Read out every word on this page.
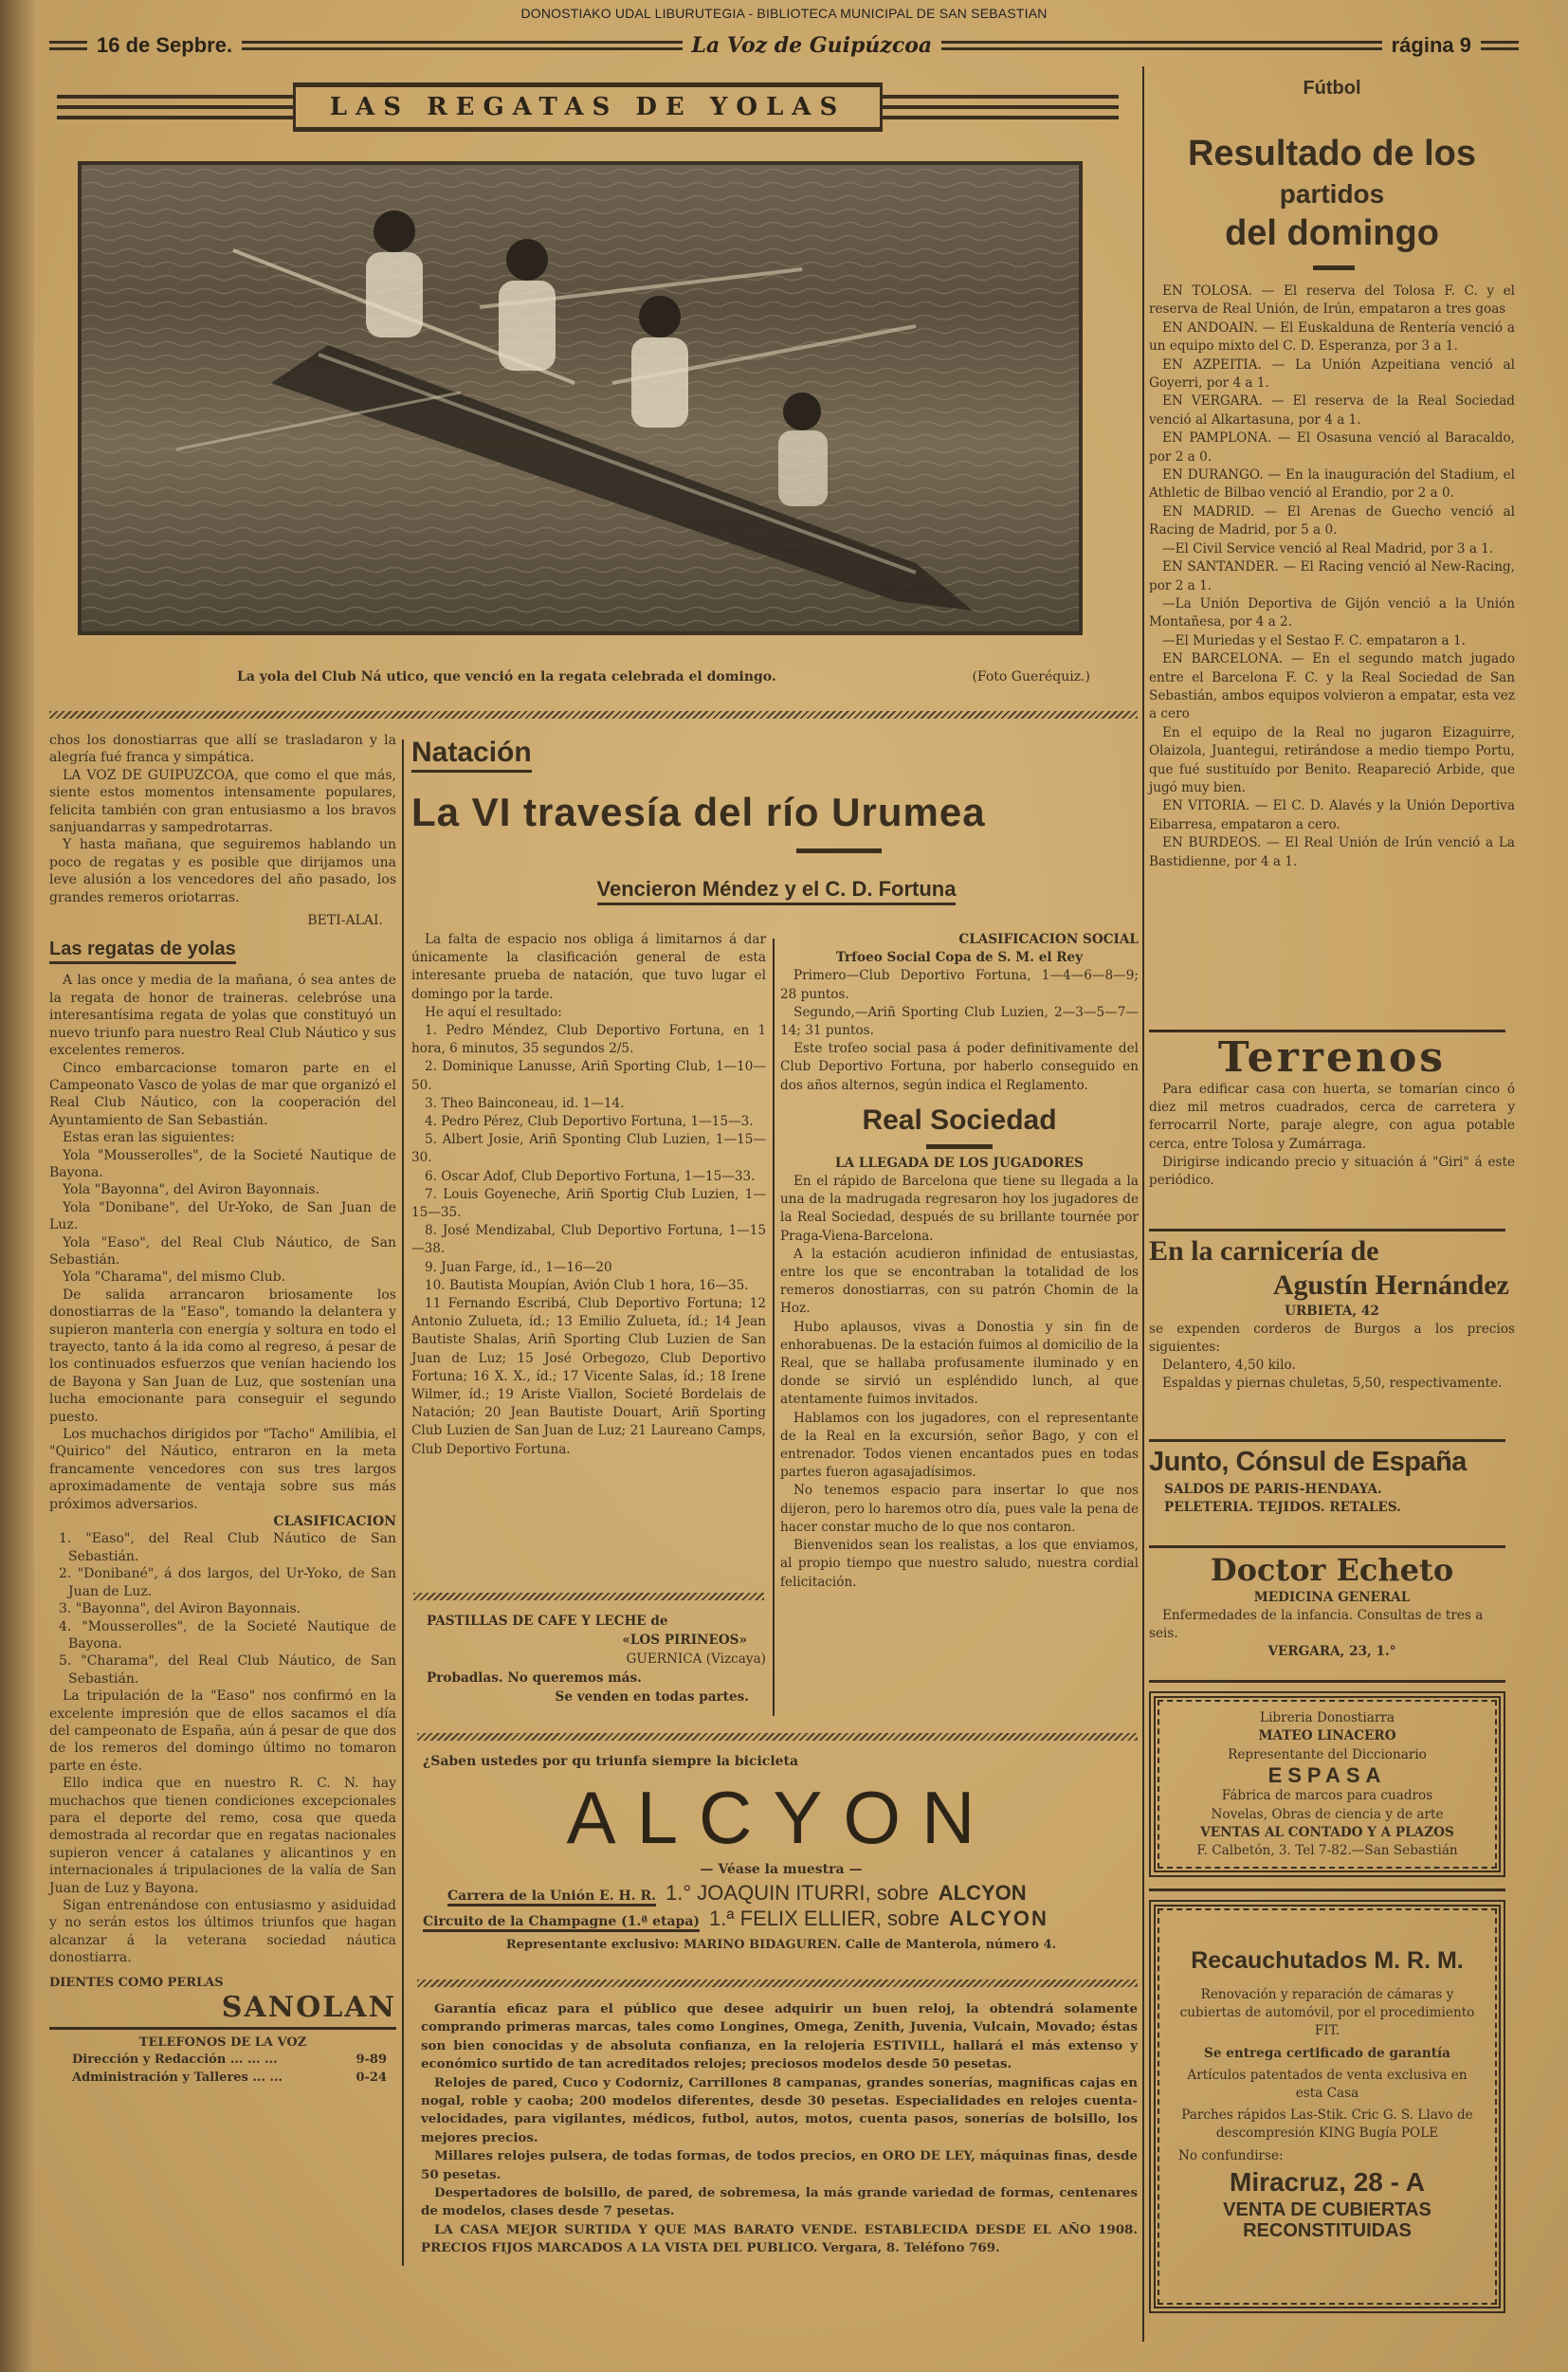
DONOSTIAKO UDAL LIBURUTEGIA - BIBLIOTECA MUNICIPAL DE SAN SEBASTIAN
16 de Sepbre.	La Voz de Guipúzcoa	rágina 9
LAS REGATAS DE YOLAS
La yola del Club Ná utico, que venció en la regata celebrada el domingo.	(Foto Gueréquiz.)

chos los donostiarras que allí se trasladaron y la alegría fué franca y simpática.

LA VOZ DE GUIPUZCOA, que como el que más, siente estos momentos intensamente populares, felicita también con gran entusiasmo a los bravos sanjuandarras y sampedrotarras.

Y hasta mañana, que seguiremos hablando un poco de regatas y es posible que dirijamos una leve alusión a los vencedores del año pasado, los grandes remeros oriotarras.

BETI-ALAI.
Las regatas de yolas

A las once y media de la mañana, ó sea antes de la regata de honor de traineras. celebróse una interesantísima regata de yolas que constituyó un nuevo triunfo para nuestro Real Club Náutico y sus excelentes remeros.

Cinco embarcacionse tomaron parte en el Campeonato Vasco de yolas de mar que organizó el Real Club Náutico, con la cooperación del Ayuntamiento de San Sebastián.

Estas eran las siguientes:

Yola "Mousserolles", de la Societé Nautique de Bayona.

Yola "Bayonna", del Aviron Bayonnais.

Yola "Donibane", del Ur-Yoko, de San Juan de Luz.

Yola "Easo", del Real Club Náutico, de San Sebastián.

Yola "Charama", del mismo Club.

De salida arrancaron briosamente los donostiarras de la "Easo", tomando la delantera y supieron manterla con energía y soltura en todo el trayecto, tanto á la ida como al regreso, á pesar de los continuados esfuerzos que venían haciendo los de Bayona y San Juan de Luz, que sostenían una lucha emocionante para conseguir el segundo puesto.

Los muchachos dirigidos por "Tacho" Amilibia, el "Quirico" del Náutico, entraron en la meta francamente vencedores con sus tres largos aproximadamente de ventaja sobre sus más próximos adversarios.

CLASIFICACION
1. "Easo", del Real Club Náutico de San Sebastián.
2. "Donibané", á dos largos, del Ur-Yoko, de San Juan de Luz.
3. "Bayonna", del Aviron Bayonnais.
4. "Mousserolles", de la Societé Nautique de Bayona.
5. "Charama", del Real Club Náutico, de San Sebastián.

La tripulación de la "Easo" nos confirmó en la excelente impresión que de ellos sacamos el día del campeonato de España, aún á pesar de que dos de los remeros del domingo último no tomaron parte en éste.

Ello indica que en nuestro R. C. N. hay muchachos que tienen condiciones excepcionales para el deporte del remo, cosa que queda demostrada al recordar que en regatas nacionales supieron vencer á catalanes y alicantinos y en internacionales á tripulaciones de la valía de San Juan de Luz y Bayona.

Sigan entrenándose con entusiasmo y asiduidad y no serán estos los últimos triunfos que hagan alcanzar á la veterana sociedad náutica donostiarra.

DIENTES COMO PERLAS
SANOLAN
TELEFONOS DE LA VOZ
Dirección y Redacción ... ... ...	9-89
Administración y Talleres ... ...	0-24
Natación
La VI travesía del río Urumea
Vencieron Méndez y el C. D. Fortuna

La falta de espacio nos obliga á limitarnos á dar únicamente la clasificación general de esta interesante prueba de natación, que tuvo lugar el domingo por la tarde.

He aquí el resultado:

1. Pedro Méndez, Club Deportivo Fortuna, en 1 hora, 6 minutos, 35 segundos 2/5.

2. Dominique Lanusse, Ariñ Sporting Club, 1—10—50.

3. Theo Bainconeau, id. 1—14.

4. Pedro Pérez, Club Deportivo Fortuna, 1—15—3.

5. Albert Josie, Ariñ Sponting Club Luzien, 1—15—30.

6. Oscar Adof, Club Deportivo Fortuna, 1—15—33.

7. Louis Goyeneche, Ariñ Sportig Club Luzien, 1—15—35.

8. José Mendizabal, Club Deportivo Fortuna, 1—15—38.

9. Juan Farge, íd., 1—16—20

10. Bautista Moupían, Avión Club 1 hora, 16—35.

11 Fernando Escribá, Club Deportivo Fortuna; 12 Antonio Zulueta, íd.; 13 Emilio Zulueta, íd.; 14 Jean Bautiste Shalas, Ariñ Sporting Club Luzien de San Juan de Luz; 15 José Orbegozo, Club Deportivo Fortuna; 16 X. X., íd.; 17 Vicente Salas, íd.; 18 Irene Wilmer, íd.; 19 Ariste Viallon, Societé Bordelais de Natación; 20 Jean Bautiste Douart, Ariñ Sporting Club Luzien de San Juan de Luz; 21 Laureano Camps, Club Deportivo Fortuna.

PASTILLAS DE CAFE Y LECHE de
«LOS PIRINEOS»
GUERNICA (Vizcaya)
Probadlas. No queremos más.
Se venden en todas partes.
CLASIFICACION SOCIAL
Trfoeo Social Copa de S. M. el Rey

Primero—Club Deportivo Fortuna, 1—4—6—8—9; 28 puntos.

Segundo,—Ariñ Sporting Club Luzien, 2—3—5—7—14; 31 puntos.

Este trofeo social pasa á poder definitivamente del Club Deportivo Fortuna, por haberlo conseguido en dos años alternos, según indica el Reglamento.

Real Sociedad
LA LLEGADA DE LOS JUGADORES

En el rápido de Barcelona que tiene su llegada a la una de la madrugada regresaron hoy los jugadores de la Real Sociedad, después de su brillante tournée por Praga-Viena-Barcelona.

A la estación acudieron infinidad de entusiastas, entre los que se encontraban la totalidad de los remeros donostiarras, con su patrón Chomin de la Hoz.

Hubo aplausos, vivas a Donostia y sin fin de enhorabuenas. De la estación fuimos al domicilio de la Real, que se hallaba profusamente iluminado y en donde se sirvió un espléndido lunch, al que atentamente fuimos invitados.

Hablamos con los jugadores, con el representante de la Real en la excursión, señor Bago, y con el entrenador. Todos vienen encantados pues en todas partes fueron agasajadísimos.

No tenemos espacio para insertar lo que nos dijeron, pero lo haremos otro día, pues vale la pena de hacer constar mucho de lo que nos contaron.

Bienvenidos sean los realistas, a los que enviamos, al propio tiempo que nuestro saludo, nuestra cordial felicitación.

¿Saben ustedes por qu triunfa siempre la bicicleta
ALCYON
— Véase la muestra —
Carrera de la Unión E. H. R. 1.° JOAQUIN ITURRI, sobre ALCYON
Circuito de la Champagne (1.ª etapa) 1.ª FELIX ELLIER, sobre ALCYON
Representante exclusivo: MARINO BIDAGUREN. Calle de Manterola, número 4.

Garantía eficaz para el público que desee adquirir un buen reloj, la obtendrá solamente comprando primeras marcas, tales como Longines, Omega, Zenith, Juvenia, Vulcain, Movado; éstas son bien conocidas y de absoluta confianza, en la relojería ESTIVILL, hallará el más extenso y económico surtido de tan acreditados relojes; preciosos modelos desde 50 pesetas.

Relojes de pared, Cuco y Codorniz, Carrillones 8 campanas, grandes sonerías, magnificas cajas en nogal, roble y caoba; 200 modelos diferentes, desde 30 pesetas. Especialidades en relojes cuenta-velocidades, para vigilantes, médicos, futbol, autos, motos, cuenta pasos, sonerías de bolsillo, los mejores precios.

Millares relojes pulsera, de todas formas, de todos precios, en ORO DE LEY, máquinas finas, desde 50 pesetas.

Despertadores de bolsillo, de pared, de sobremesa, la más grande variedad de formas, centenares de modelos, clases desde 7 pesetas.

LA CASA MEJOR SURTIDA Y QUE MAS BARATO VENDE. ESTABLECIDA DESDE EL AÑO 1908. PRECIOS FIJOS MARCADOS A LA VISTA DEL PUBLICO. Vergara, 8. Teléfono 769.

Fútbol
Resultado de los
partidos
del domingo

EN TOLOSA. — El reserva del Tolosa F. C. y el reserva de Real Unión, de Irún, empataron a tres goas

EN ANDOAIN. — El Euskalduna de Rentería venció a un equipo mixto del C. D. Esperanza, por 3 a 1.

EN AZPEITIA. — La Unión Azpeitiana venció al Goyerri, por 4 a 1.

EN VERGARA. — El reserva de la Real Sociedad venció al Alkartasuna, por 4 a 1.

EN PAMPLONA. — El Osasuna venció al Baracaldo, por 2 a 0.

EN DURANGO. — En la inauguración del Stadium, el Athletic de Bilbao venció al Erandio, por 2 a 0.

EN MADRID. — El Arenas de Guecho venció al Racing de Madrid, por 5 a 0.

—El Civil Service venció al Real Madrid, por 3 a 1.

EN SANTANDER. — El Racing venció al New-Racing, por 2 a 1.

—La Unión Deportiva de Gijón venció a la Unión Montañesa, por 4 a 2.

—El Muriedas y el Sestao F. C. empataron a 1.

EN BARCELONA. — En el segundo match jugado entre el Barcelona F. C. y la Real Sociedad de San Sebastián, ambos equipos volvieron a empatar, esta vez a cero

En el equipo de la Real no jugaron Eizaguirre, Olaizola, Juantegui, retirándose a medio tiempo Portu, que fué sustituído por Benito. Reapareció Arbide, que jugó muy bien.

EN VITORIA. — El C. D. Alavés y la Unión Deportiva Eibarresa, empataron a cero.

EN BURDEOS. — El Real Unión de Irún venció a La Bastidienne, por 4 a 1.

Terrenos

Para edificar casa con huerta, se tomarían cinco ó diez mil metros cuadrados, cerca de carretera y ferrocarril Norte, paraje alegre, con agua potable cerca, entre Tolosa y Zumárraga.

Dirigirse indicando precio y situación á "Giri" á este periódico.

En la carnicería de
Agustín Hernández
URBIETA, 42

se expenden corderos de Burgos a los precios siguientes:

Delantero, 4,50 kilo.

Espaldas y piernas chuletas, 5,50, respectivamente.

Junto, Cónsul de España
SALDOS DE PARIS-HENDAYA.
PELETERIA. TEJIDOS. RETALES.
Doctor Echeto
MEDICINA GENERAL

Enfermedades de la infancia. Consultas de tres a seis.

VERGARA, 23, 1.°
Libreria Donostiarra
MATEO LINACERO
Representante del Diccionario
ESPASA
Fábrica de marcos para cuadros
Novelas, Obras de ciencia y de arte
VENTAS AL CONTADO Y A PLAZOS
F. Calbetón, 3. Tel 7-82.—San Sebastián
Recauchutados M. R. M.
Renovación y reparación de cámaras y cubiertas de automóvil, por el procedimiento FIT.
Se entrega certificado de garantía
Artículos patentados de venta exclusiva en esta Casa
Parches rápidos Las-Stik. Cric G. S. Llavo de descompresión KING Bugía POLE
No confundirse:
Miracruz, 28 - A
VENTA DE CUBIERTAS
RECONSTITUIDAS
